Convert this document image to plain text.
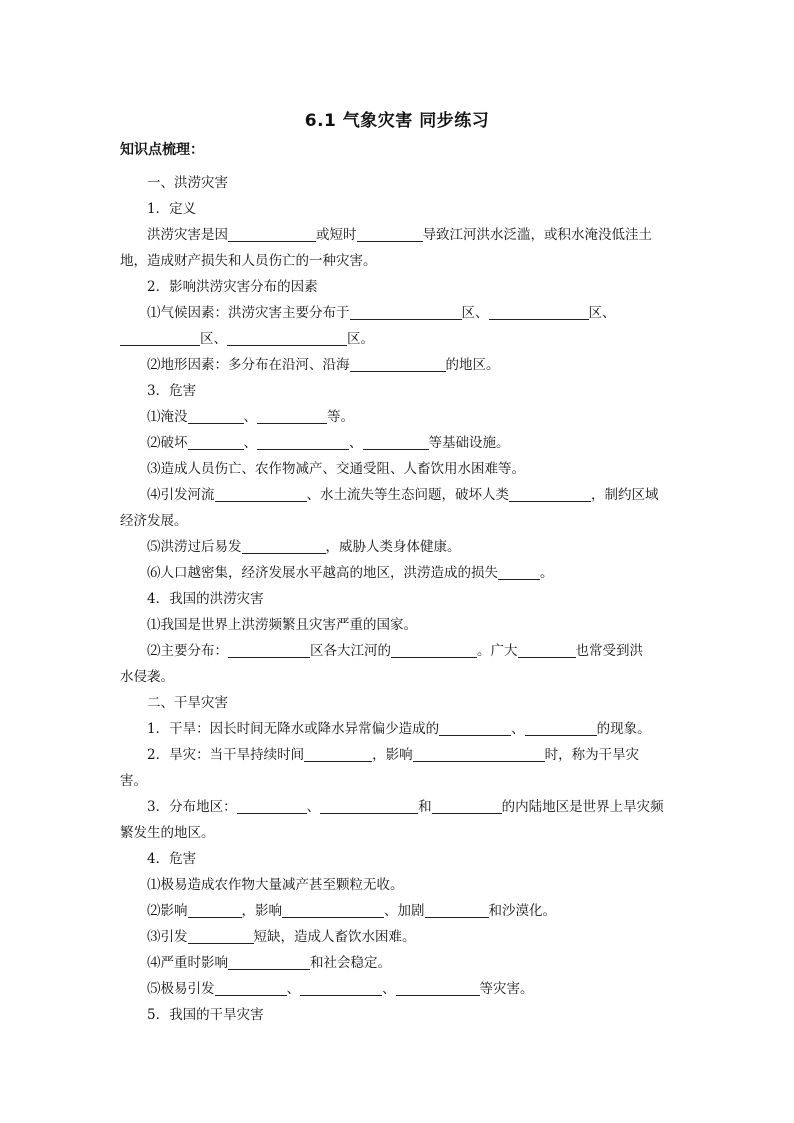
6.1 气象灾害 同步练习
知识点梳理：
一、洪涝灾害
1．定义
洪涝灾害是因	或短时	导致江河洪水泛滥，或积水淹没低洼土
地，造成财产损失和人员伤亡的一种灾害。
2．影响洪涝灾害分布的因素
⑴气候因素：洪涝灾害主要分布于	区、	区、
区、	区。
⑵地形因素：多分布在沿河、沿海	的地区。
3．危害
⑴淹没	、	等。
⑵破坏	、	、	等基础设施。
⑶造成人员伤亡、农作物减产、交通受阻、人畜饮用水困难等。
⑷引发河流	、水土流失等生态问题，破坏人类	，制约区域
经济发展。
⑸洪涝过后易发	，威胁人类身体健康。
⑹人口越密集，经济发展水平越高的地区，洪涝造成的损失	。
4．我国的洪涝灾害
⑴我国是世界上洪涝频繁且灾害严重的国家。
⑵主要分布：	区各大江河的	。广大	也常受到洪
水侵袭。
二、干旱灾害
1．干旱：因长时间无降水或降水异常偏少造成的	、	的现象。
2．旱灾：当干旱持续时间	，影响	时，称为干旱灾
害。
3．分布地区：	、	和	的内陆地区是世界上旱灾频
繁发生的地区。
4．危害
⑴极易造成农作物大量减产甚至颗粒无收。
⑵影响	，影响	、加剧	和沙漠化。
⑶引发	短缺，造成人畜饮水困难。
⑷严重时影响	和社会稳定。
⑸极易引发	、	、	等灾害。
5．我国的干旱灾害
